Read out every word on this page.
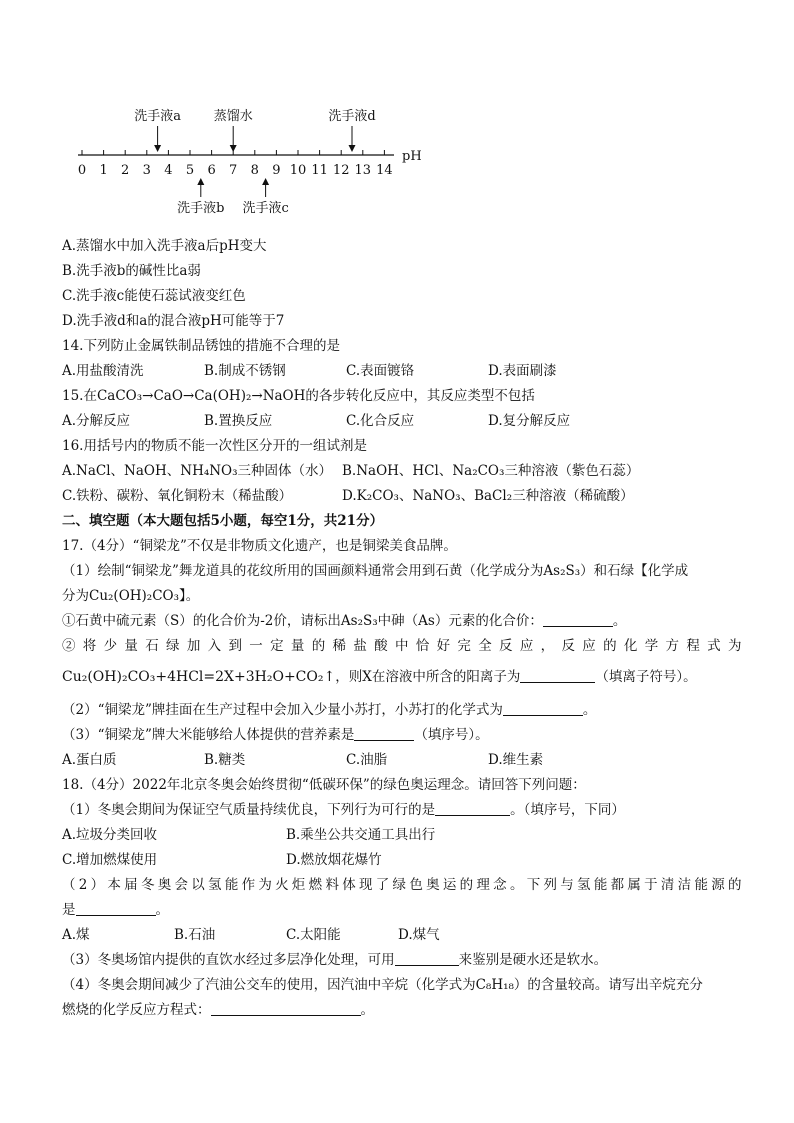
pH
0 1 2 3 4 5 6 7 8 9 10 11 12 13 14
洗手液a	蒸馏水	洗手液d
洗手液b 洗手液c
A.蒸馏水中加入洗手液a后pH变大
B.洗手液b的碱性比a弱
C.洗手液c能使石蕊试液变红色
D.洗手液d和a的混合液pH可能等于7
14.下列防止金属铁制品锈蚀的措施不合理的是
A.用盐酸清洗	B.制成不锈钢	C.表面镀铬	D.表面刷漆
15.在CaCO₃→CaO→Ca(OH)₂→NaOH的各步转化反应中，其反应类型不包括
A.分解反应	B.置换反应	C.化合反应	D.复分解反应
16.用括号内的物质不能一次性区分开的一组试剂是
A.NaCl、NaOH、NH₄NO₃三种固体（水） B.NaOH、HCl、Na₂CO₃三种溶液（紫色石蕊）
C.铁粉、碳粉、氧化铜粉末（稀盐酸）	D.K₂CO₃、NaNO₃、BaCl₂三种溶液（稀硫酸）
二、填空题（本大题包括5小题，每空1分，共21分）
17.（4分）“铜梁龙”不仅是非物质文化遗产，也是铜梁美食品牌。
（1）绘制“铜梁龙”舞龙道具的花纹所用的国画颜料通常会用到石黄（化学成分为As₂S₃）和石绿【化学成
分为Cu₂(OH)₂CO₃】。
①石黄中硫元素（S）的化合价为-2价，请标出As₂S₃中砷（As）元素的化合价：	。
② 将 少 量 石 绿 加 入 到 一 定 量 的 稀 盐 酸 中 恰 好 完 全 反 应 ， 反 应 的 化 学 方 程 式 为
Cu₂(OH)₂CO₃+4HCl=2X+3H₂O+CO₂↑，则X在溶液中所含的阳离子为	（填离子符号）。
（2）“铜梁龙”牌挂面在生产过程中会加入少量小苏打，小苏打的化学式为	。
（3）“铜梁龙”牌大米能够给人体提供的营养素是	（填序号）。
A.蛋白质	B.糖类	C.油脂	D.维生素
18.（4分）2022年北京冬奥会始终贯彻“低碳环保”的绿色奥运理念。请回答下列问题：
（1）冬奥会期间为保证空气质量持续优良，下列行为可行的是	。（填序号，下同）
A.垃圾分类回收	B.乘坐公共交通工具出行
C.增加燃煤使用	D.燃放烟花爆竹
（2）本届冬奥会以氢能作为火炬燃料体现了绿色奥运的理念。下列与氢能都属于清洁能源的
是	。
A.煤	B.石油	C.太阳能	D.煤气
（3）冬奥场馆内提供的直饮水经过多层净化处理，可用	来鉴别是硬水还是软水。
（4）冬奥会期间减少了汽油公交车的使用，因汽油中辛烷（化学式为C₈H₁₈）的含量较高。请写出辛烷充分
燃烧的化学反应方程式：	。
